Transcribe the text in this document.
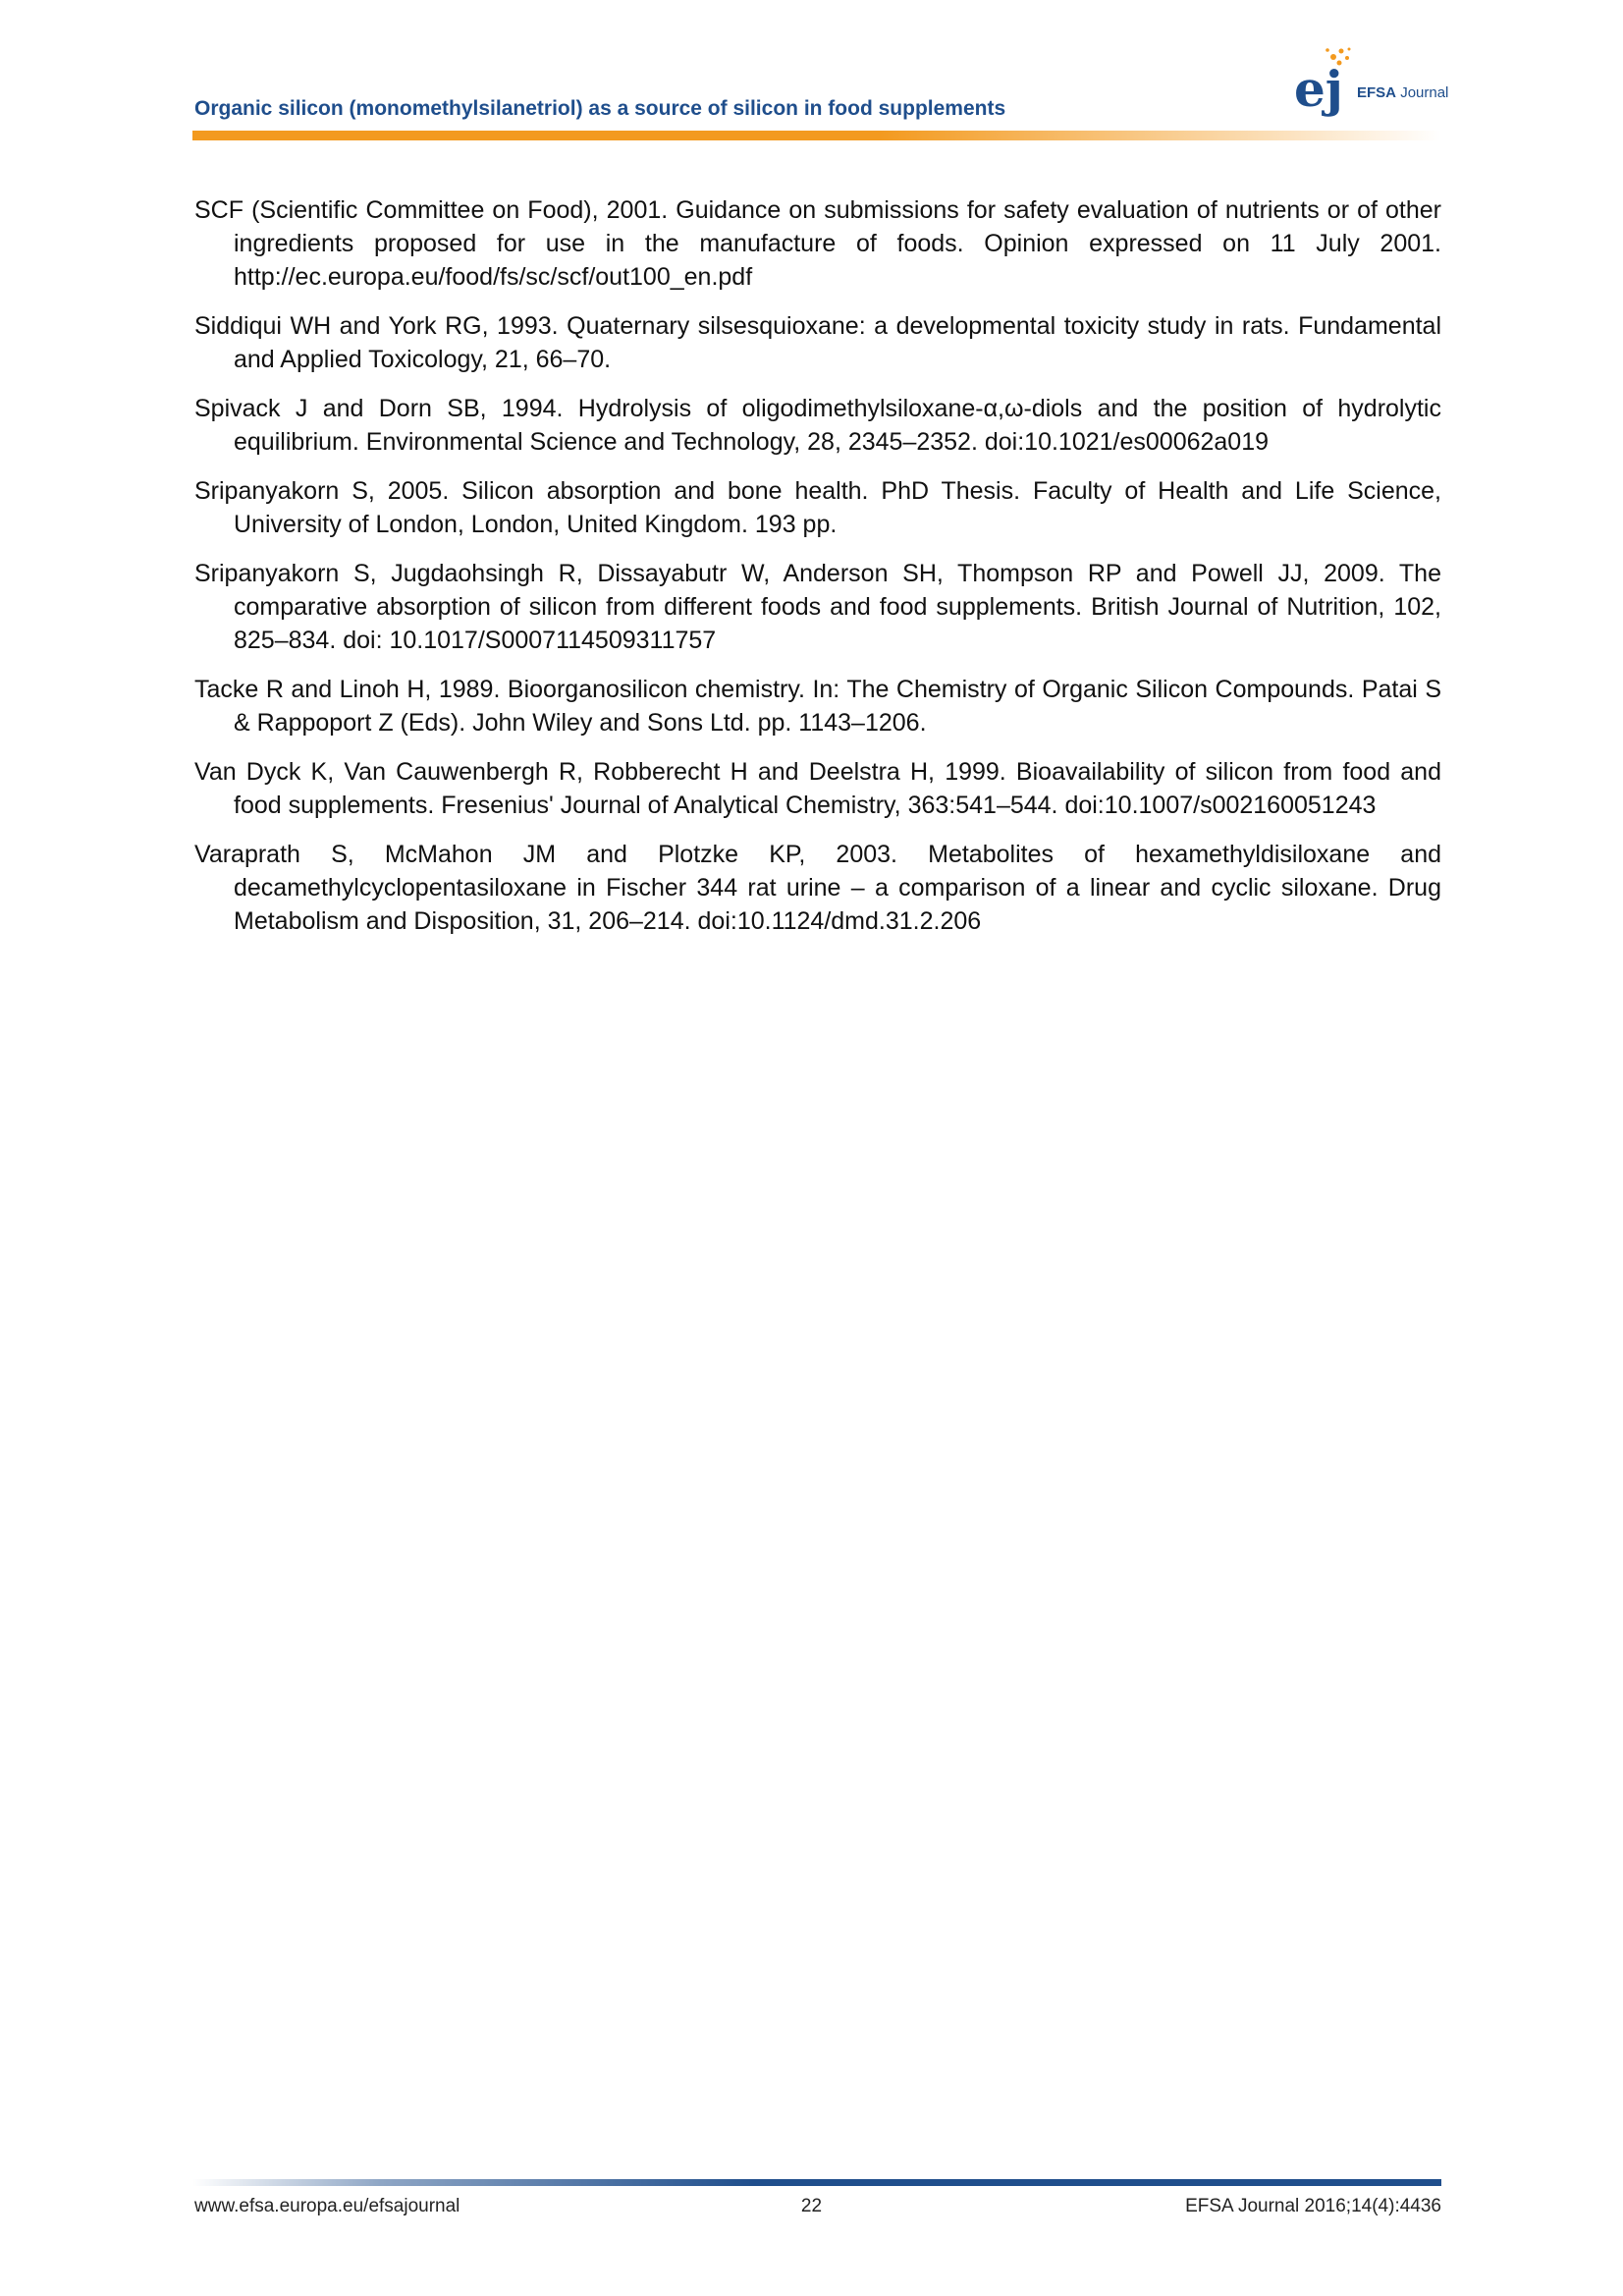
Organic silicon (monomethylsilanetriol) as a source of silicon in food supplements	ej EFSA Journal

SCF (Scientific Committee on Food), 2001. Guidance on submissions for safety evaluation of nutrients or of other ingredients proposed for use in the manufacture of foods. Opinion expressed on 11 July 2001. http://ec.europa.eu/food/fs/sc/scf/out100_en.pdf

Siddiqui WH and York RG, 1993. Quaternary silsesquioxane: a developmental toxicity study in rats. Fundamental and Applied Toxicology, 21, 66–70.

Spivack J and Dorn SB, 1994. Hydrolysis of oligodimethylsiloxane-α,ω-diols and the position of hydrolytic equilibrium. Environmental Science and Technology, 28, 2345–2352. doi:10.1021/es00062a019

Sripanyakorn S, 2005. Silicon absorption and bone health. PhD Thesis. Faculty of Health and Life Science, University of London, London, United Kingdom. 193 pp.

Sripanyakorn S, Jugdaohsingh R, Dissayabutr W, Anderson SH, Thompson RP and Powell JJ, 2009. The comparative absorption of silicon from different foods and food supplements. British Journal of Nutrition, 102, 825–834. doi: 10.1017/S0007114509311757

Tacke R and Linoh H, 1989. Bioorganosilicon chemistry. In: The Chemistry of Organic Silicon Compounds. Patai S & Rappoport Z (Eds). John Wiley and Sons Ltd. pp. 1143–1206.

Van Dyck K, Van Cauwenbergh R, Robberecht H and Deelstra H, 1999. Bioavailability of silicon from food and food supplements. Fresenius' Journal of Analytical Chemistry, 363:541–544. doi:10.1007/s002160051243

Varaprath S, McMahon JM and Plotzke KP, 2003. Metabolites of hexamethyldisiloxane and decamethylcyclopentasiloxane in Fischer 344 rat urine – a comparison of a linear and cyclic siloxane. Drug Metabolism and Disposition, 31, 206–214. doi:10.1124/dmd.31.2.206

www.efsa.europa.eu/efsajournal	22	EFSA Journal 2016;14(4):4436
